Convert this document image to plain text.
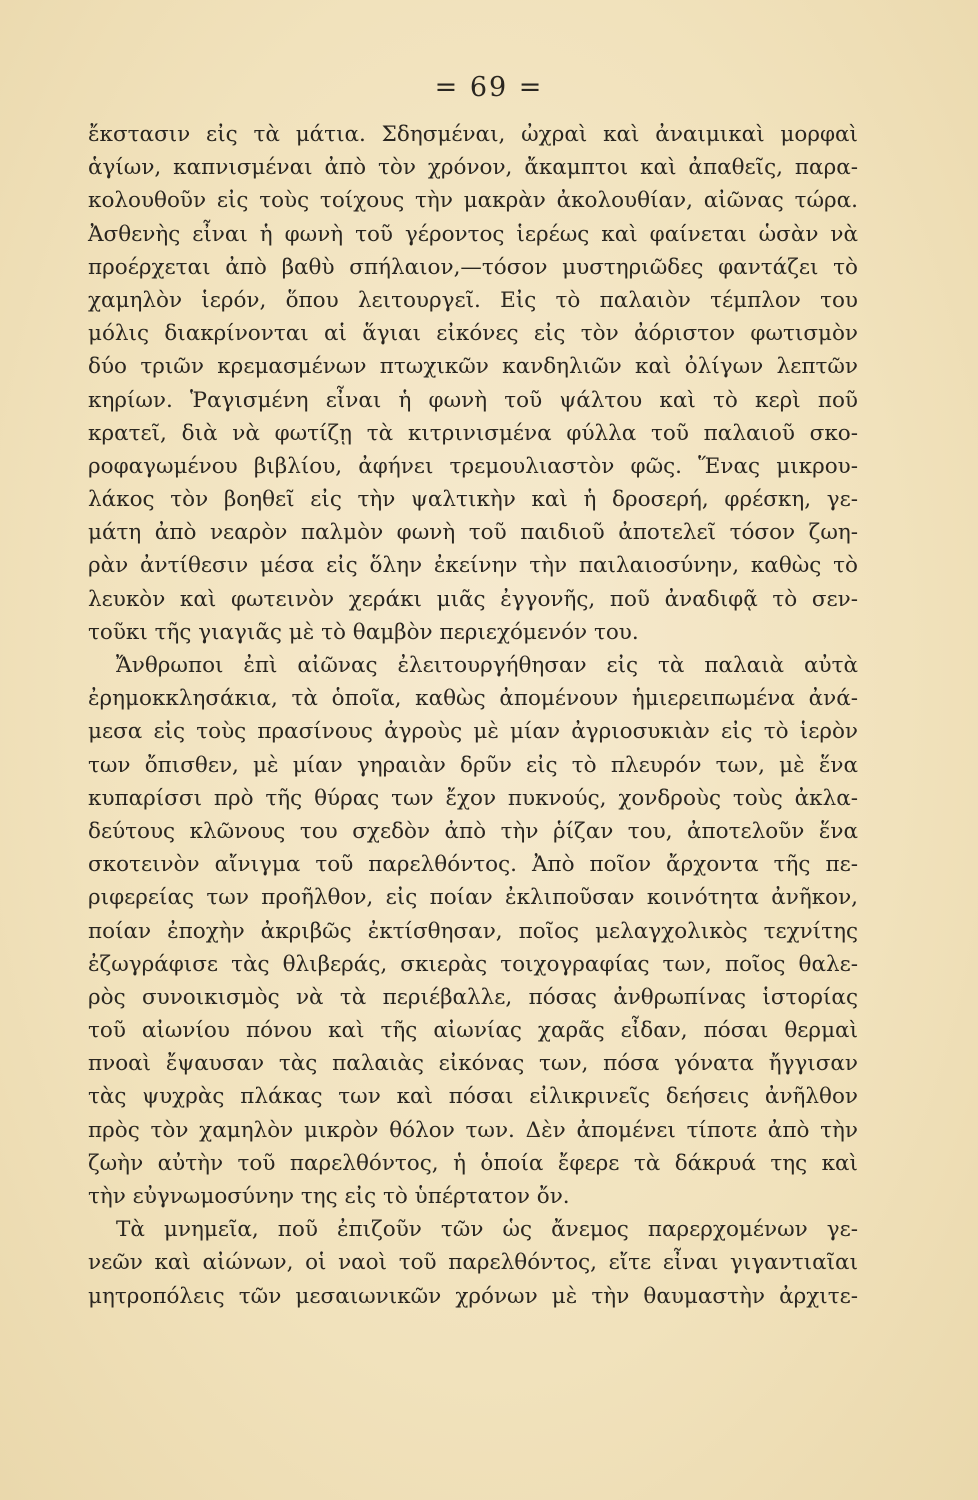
= 69 =
ἔκστασιν εἰς τὰ μάτια. Σδησμέναι, ὠχραὶ καὶ ἀναιμικαὶ μορφαὶ
ἁγίων, καπνισμέναι ἀπὸ τὸν χρόνον, ἄκαμπτοι καὶ ἀπαθεῖς, παρα-
κολουθοῦν εἰς τοὺς τοίχους τὴν μακρὰν ἀκολουθίαν, αἰῶνας τώρα.
Ἀσθενὴς εἶναι ἡ φωνὴ τοῦ γέροντος ἱερέως καὶ φαίνεται ὡσὰν νὰ
προέρχεται ἀπὸ βαθὺ σπήλαιον,—τόσον μυστηριῶδες φαντάζει τὸ
χαμηλὸν ἱερόν, ὅπου λειτουργεῖ. Εἰς τὸ παλαιὸν τέμπλον του
μόλις διακρίνονται αἱ ἅγιαι εἰκόνες εἰς τὸν ἀόριστον φωτισμὸν
δύο τριῶν κρεμασμένων πτωχικῶν κανδηλιῶν καὶ ὀλίγων λεπτῶν
κηρίων. Ῥαγισμένη εἶναι ἡ φωνὴ τοῦ ψάλτου καὶ τὸ κερὶ ποῦ
κρατεῖ, διὰ νὰ φωτίζῃ τὰ κιτρινισμένα φύλλα τοῦ παλαιοῦ σκο-
ροφαγωμένου βιβλίου, ἀφήνει τρεμουλιαστὸν φῶς. Ἕνας μικρου-
λάκος τὸν βοηθεῖ εἰς τὴν ψαλτικὴν καὶ ἡ δροσερή, φρέσκη, γε-
μάτη ἀπὸ νεαρὸν παλμὸν φωνὴ τοῦ παιδιοῦ ἀποτελεῖ τόσον ζωη-
ρὰν ἀντίθεσιν μέσα εἰς ὅλην ἐκείνην τὴν παιλαιοσύνην, καθὼς τὸ
λευκὸν καὶ φωτεινὸν χεράκι μιᾶς ἐγγονῆς, ποῦ ἀναδιφᾷ τὸ σεν-
τοῦκι τῆς γιαγιᾶς μὲ τὸ θαμβὸν περιεχόμενόν του.
Ἄνθρωποι ἐπὶ αἰῶνας ἐλειτουργήθησαν εἰς τὰ παλαιὰ αὐτὰ
ἐρημοκκλησάκια, τὰ ὁποῖα, καθὼς ἀπομένουν ἡμιερειπωμένα ἀνά-
μεσα εἰς τοὺς πρασίνους ἀγροὺς μὲ μίαν ἀγριοσυκιὰν εἰς τὸ ἱερὸν
των ὄπισθεν, μὲ μίαν γηραιὰν δρῦν εἰς τὸ πλευρόν των, μὲ ἕνα
κυπαρίσσι πρὸ τῆς θύρας των ἔχον πυκνούς, χονδροὺς τοὺς ἀκλα-
δεύτους κλῶνους του σχεδὸν ἀπὸ τὴν ῥίζαν του, ἀποτελοῦν ἕνα
σκοτεινὸν αἴνιγμα τοῦ παρελθόντος. Ἀπὸ ποῖον ἄρχοντα τῆς πε-
ριφερείας των προῆλθον, εἰς ποίαν ἐκλιποῦσαν κοινότητα ἀνῆκον,
ποίαν ἐποχὴν ἀκριβῶς ἐκτίσθησαν, ποῖος μελαγχολικὸς τεχνίτης
ἐζωγράφισε τὰς θλιβεράς, σκιερὰς τοιχογραφίας των, ποῖος θαλε-
ρὸς συνοικισμὸς νὰ τὰ περιέβαλλε, πόσας ἀνθρωπίνας ἱστορίας
τοῦ αἰωνίου πόνου καὶ τῆς αἰωνίας χαρᾶς εἶδαν, πόσαι θερμαὶ
πνοαὶ ἔψαυσαν τὰς παλαιὰς εἰκόνας των, πόσα γόνατα ἤγγισαν
τὰς ψυχρὰς πλάκας των καὶ πόσαι εἰλικρινεῖς δεήσεις ἀνῆλθον
πρὸς τὸν χαμηλὸν μικρὸν θόλον των. Δὲν ἀπομένει τίποτε ἀπὸ τὴν
ζωὴν αὐτὴν τοῦ παρελθόντος, ἡ ὁποία ἔφερε τὰ δάκρυά της καὶ
τὴν εὐγνωμοσύνην της εἰς τὸ ὑπέρτατον ὄν.
Τὰ μνημεῖα, ποῦ ἐπιζοῦν τῶν ὡς ἄνεμος παρερχομένων γε-
νεῶν καὶ αἰώνων, οἱ ναοὶ τοῦ παρελθόντος, εἴτε εἶναι γιγαντιαῖαι
μητροπόλεις τῶν μεσαιωνικῶν χρόνων μὲ τὴν θαυμαστὴν ἀρχιτε-
